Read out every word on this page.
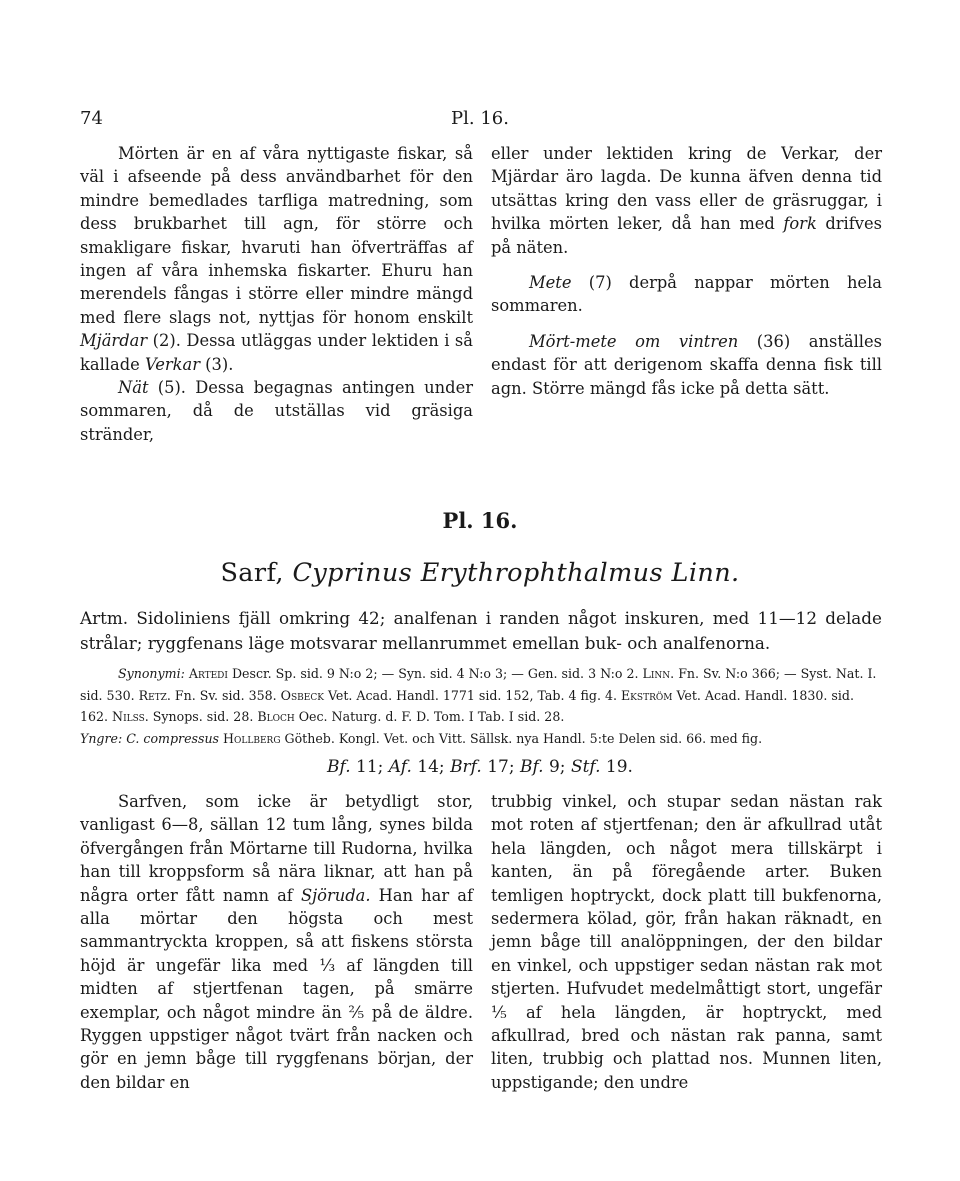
74	Pl. 16.

Mörten är en af våra nyttigaste fiskar, så väl i afseende på dess användbarhet för den mindre bemedlades tarfliga matredning, som dess brukbarhet till agn, för större och smakligare fiskar, hvaruti han öfverträffas af ingen af våra inhemska fiskarter. Ehuru han merendels fångas i större eller mindre mängd med flere slags not, nyttjas för honom enskilt Mjärdar (2). Dessa utläggas under lektiden i så kallade Verkar (3).

Nät (5). Dessa begagnas antingen under sommaren, då de utställas vid gräsiga stränder,

eller under lektiden kring de Verkar, der Mjärdar äro lagda. De kunna äfven denna tid utsättas kring den vass eller de gräsruggar, i hvilka mörten leker, då han med fork drifves på näten.

Mete (7) derpå nappar mörten hela sommaren.

Mört-mete om vintren (36) anställes endast för att derigenom skaffa denna fisk till agn. Större mängd fås icke på detta sätt.

Pl. 16.
Sarf, Cyprinus Erythrophthalmus Linn.

Artm. Sidoliniens fjäll omkring 42; analfenan i randen något inskuren, med 11—12 delade strålar; ryggfenans läge motsvarar mellanrummet emellan buk- och analfenorna.

Synonymi: Artedi Descr. Sp. sid. 9 N:o 2; — Syn. sid. 4 N:o 3; — Gen. sid. 3 N:o 2. Linn. Fn. Sv. N:o 366; — Syst. Nat. I. sid. 530. Retz. Fn. Sv. sid. 358. Osbeck Vet. Acad. Handl. 1771 sid. 152, Tab. 4 fig. 4. Ekström Vet. Acad. Handl. 1830. sid. 162. Nilss. Synops. sid. 28. Bloch Oec. Naturg. d. F. D. Tom. I Tab. I sid. 28.

Yngre: C. compressus Hollberg Götheb. Kongl. Vet. och Vitt. Sällsk. nya Handl. 5:te Delen sid. 66. med fig.

Bf. 11; Af. 14; Brf. 17; Bf. 9; Stf. 19.

Sarfven, som icke är betydligt stor, vanligast 6—8, sällan 12 tum lång, synes bilda öfvergången från Mörtarne till Rudorna, hvilka han till kroppsform så nära liknar, att han på några orter fått namn af Sjöruda. Han har af alla mörtar den högsta och mest sammantryckta kroppen, så att fiskens största höjd är ungefär lika med ⅓ af längden till midten af stjertfenan tagen, på smärre exemplar, och något mindre än ⅖ på de äldre. Ryggen uppstiger något tvärt från nacken och gör en jemn båge till ryggfenans början, der den bildar en

trubbig vinkel, och stupar sedan nästan rak mot roten af stjertfenan; den är afkullrad utåt hela längden, och något mera tillskärpt i kanten, än på föregående arter. Buken temligen hoptryckt, dock platt till bukfenorna, sedermera kölad, gör, från hakan räknadt, en jemn båge till analöppningen, der den bildar en vinkel, och uppstiger sedan nästan rak mot stjerten. Hufvudet medelmåttigt stort, ungefär ⅕ af hela längden, är hoptryckt, med afkullrad, bred och nästan rak panna, samt liten, trubbig och plattad nos. Munnen liten, uppstigande; den undre
